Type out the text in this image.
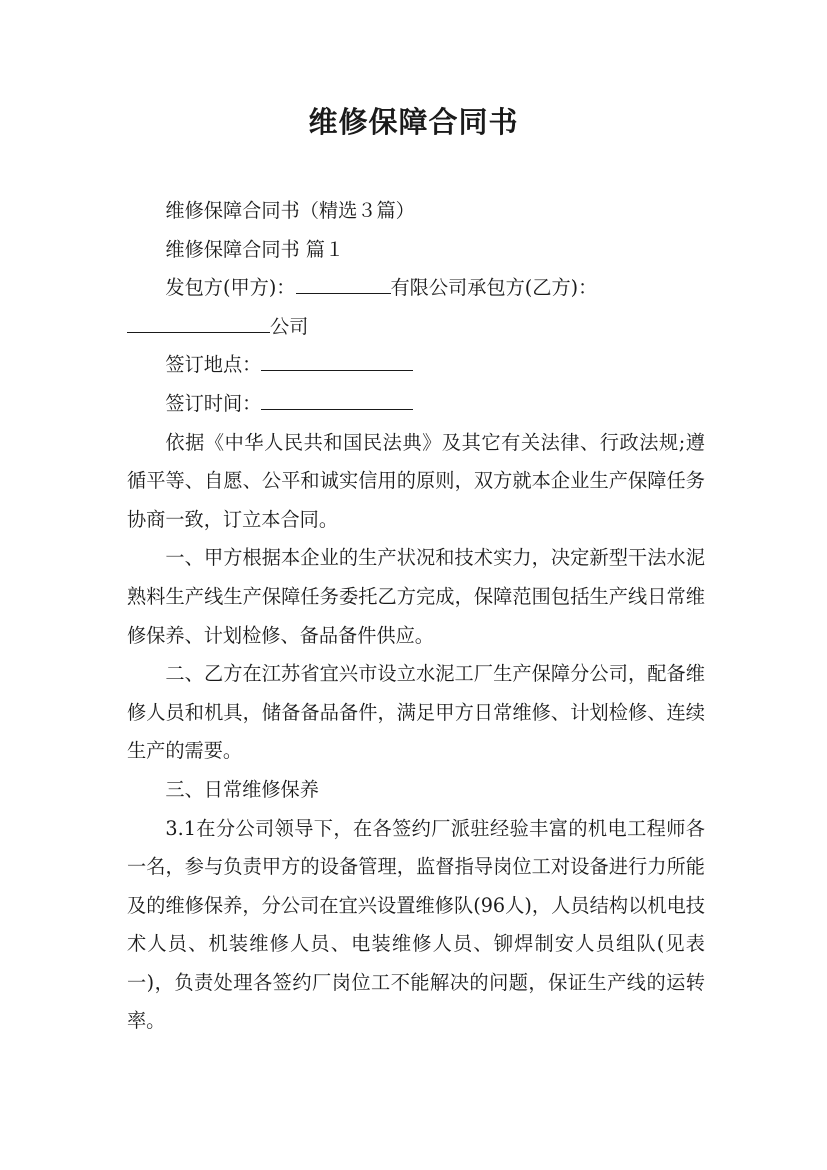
维修保障合同书

维修保障合同书（精选３篇）

维修保障合同书 篇１

发包方(甲方)：	有限公司承包方(乙方)：

公司

签订地点：

签订时间：

依据《中华人民共和国民法典》及其它有关法律、行政法规;遵循平等、自愿、公平和诚实信用的原则，双方就本企业生产保障任务协商一致，订立本合同。

一、甲方根据本企业的生产状况和技术实力，决定新型干法水泥熟料生产线生产保障任务委托乙方完成，保障范围包括生产线日常维修保养、计划检修、备品备件供应。

二、乙方在江苏省宜兴市设立水泥工厂生产保障分公司，配备维修人员和机具，储备备品备件，满足甲方日常维修、计划检修、连续生产的需要。

三、日常维修保养

3.1在分公司领导下，在各签约厂派驻经验丰富的机电工程师各一名，参与负责甲方的设备管理，监督指导岗位工对设备进行力所能及的维修保养，分公司在宜兴设置维修队(96人)，人员结构以机电技术人员、机装维修人员、电装维修人员、铆焊制安人员组队(见表一)，负责处理各签约厂岗位工不能解决的问题，保证生产线的运转率。
